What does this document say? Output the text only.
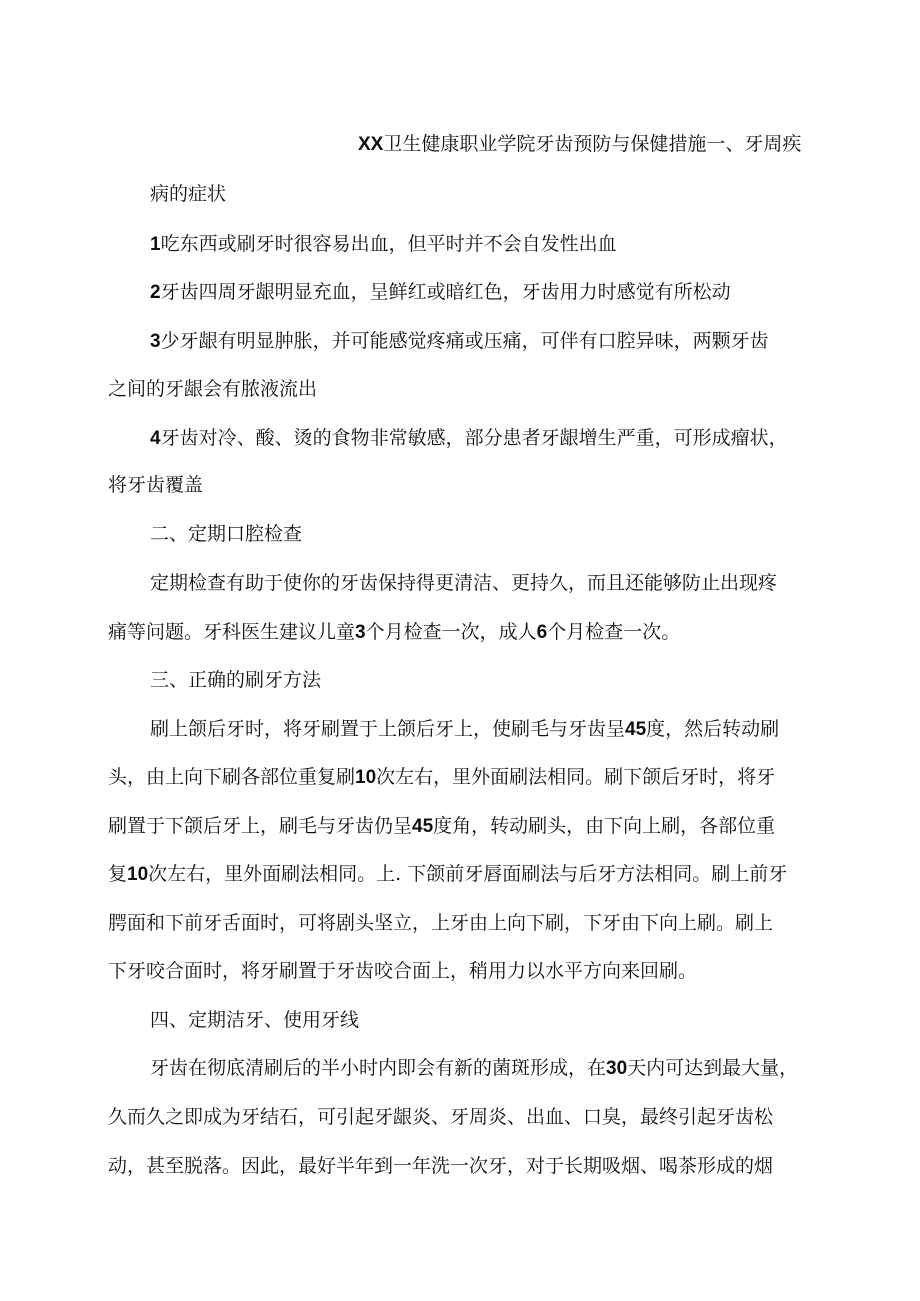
XX卫生健康职业学院牙齿预防与保健措施一、牙周疾
病的症状
1吃东西或刷牙时很容易出血，但平时并不会自发性出血
2牙齿四周牙龈明显充血，呈鲜红或暗红色，牙齿用力时感觉有所松动
3少牙龈有明显肿胀，并可能感觉疼痛或压痛，可伴有口腔异味，两颗牙齿
之间的牙龈会有脓液流出
4牙齿对冷、酸、烫的食物非常敏感，部分患者牙龈增生严重，可形成瘤状，
将牙齿覆盖
二、定期口腔检查
定期检查有助于使你的牙齿保持得更清洁、更持久，而且还能够防止出现疼
痛等问题。牙科医生建议儿童3个月检查一次，成人6个月检查一次。
三、正确的刷牙方法
刷上颌后牙时，将牙刷置于上颌后牙上，使刷毛与牙齿呈45度，然后转动刷
头，由上向下刷各部位重复刷10次左右，里外面刷法相同。刷下颌后牙时，将牙
刷置于下颌后牙上，刷毛与牙齿仍呈45度角，转动刷头，由下向上刷，各部位重
复10次左右，里外面刷法相同。上. 下颌前牙唇面刷法与后牙方法相同。刷上前牙
腭面和下前牙舌面时，可将剧头坚立，上牙由上向下刷，下牙由下向上刷。刷上
下牙咬合面时，将牙刷置于牙齿咬合面上，稍用力以水平方向来回刷。
四、定期洁牙、使用牙线
牙齿在彻底清刷后的半小时内即会有新的菌斑形成，在30天内可达到最大量，
久而久之即成为牙结石，可引起牙龈炎、牙周炎、出血、口臭，最终引起牙齿松
动，甚至脱落。因此，最好半年到一年洗一次牙，对于长期吸烟、喝茶形成的烟
